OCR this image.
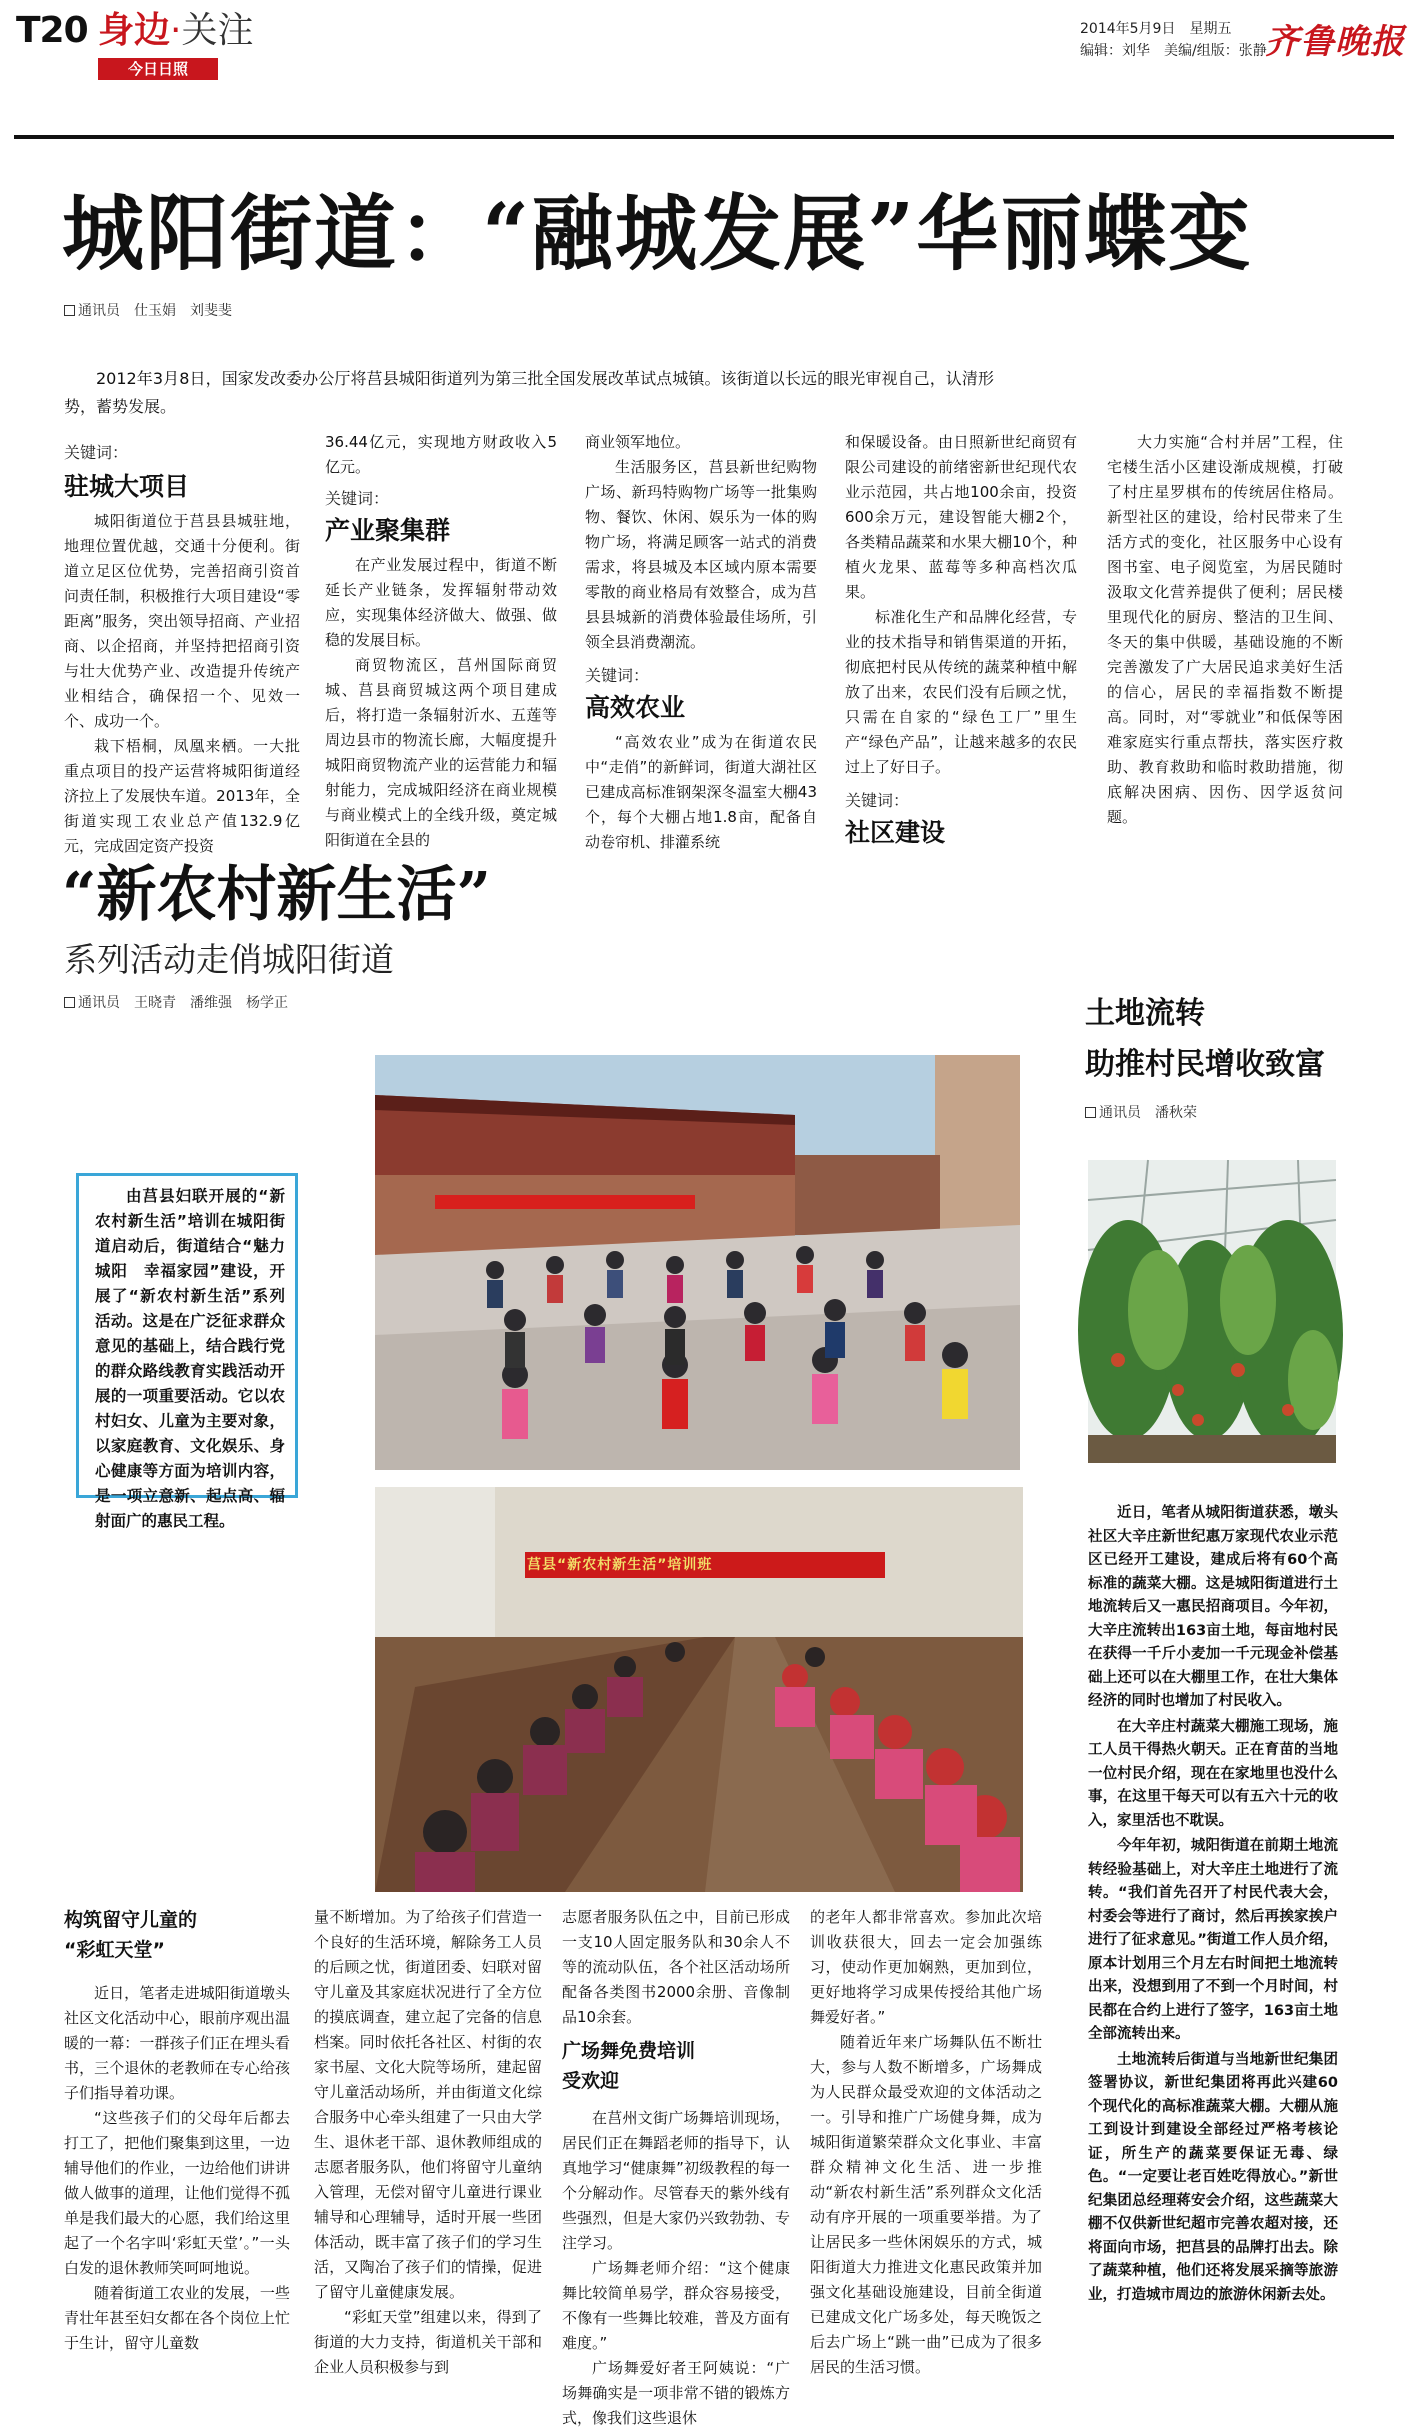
T20 身边·关注
今日日照
2014年5月9日　 星期五
编辑：刘华　 美编/组版：张静
齐鲁晚报
城阳街道：“融城发展”华丽蝶变
通讯员　仕玉娟　刘斐斐

2012年3月8日，国家发改委办公厅将莒县城阳街道列为第三批全国发展改革试点城镇。该街道以长远的眼光审视自己，认清形势，蓄势发展。

关键词：
驻城大项目

城阳街道位于莒县县城驻地，地理位置优越，交通十分便利。街道立足区位优势，完善招商引资首问责任制，积极推行大项目建设“零距离”服务，突出领导招商、产业招商、以企招商，并坚持把招商引资与壮大优势产业、改造提升传统产业相结合，确保招一个、见效一个、成功一个。

栽下梧桐，凤凰来栖。一大批重点项目的投产运营将城阳街道经济拉上了发展快车道。2013年，全街道实现工农业总产值132.9亿元，完成固定资产投资

36.44亿元，实现地方财政收入5亿元。

关键词：
产业聚集群

在产业发展过程中，街道不断延长产业链条，发挥辐射带动效应，实现集体经济做大、做强、做稳的发展目标。

商贸物流区，莒州国际商贸城、莒县商贸城这两个项目建成后，将打造一条辐射沂水、五莲等周边县市的物流长廊，大幅度提升城阳商贸物流产业的运营能力和辐射能力，完成城阳经济在商业规模与商业模式上的全线升级，奠定城阳街道在全县的

商业领军地位。

生活服务区，莒县新世纪购物广场、新玛特购物广场等一批集购物、餐饮、休闲、娱乐为一体的购物广场，将满足顾客一站式的消费需求，将县城及本区域内原本需要零散的商业格局有效整合，成为莒县县城新的消费体验最佳场所，引领全县消费潮流。

关键词：
高效农业

“高效农业”成为在街道农民中“走俏”的新鲜词，街道大湖社区已建成高标准钢架深冬温室大棚43个，每个大棚占地1.8亩，配备自动卷帘机、排灌系统

和保暖设备。由日照新世纪商贸有限公司建设的前绪密新世纪现代农业示范园，共占地100余亩，投资600余万元，建设智能大棚2个，各类精品蔬菜和水果大棚10个，种植火龙果、蓝莓等多种高档次瓜果。

标准化生产和品牌化经营，专业的技术指导和销售渠道的开拓，彻底把村民从传统的蔬菜种植中解放了出来，农民们没有后顾之忧，只需在自家的“绿色工厂”里生产“绿色产品”，让越来越多的农民过上了好日子。

关键词：
社区建设

大力实施“合村并居”工程，住宅楼生活小区建设渐成规模，打破了村庄星罗棋布的传统居住格局。新型社区的建设，给村民带来了生活方式的变化，社区服务中心设有图书室、电子阅览室，为居民随时汲取文化营养提供了便利；居民楼里现代化的厨房、整洁的卫生间、冬天的集中供暖，基础设施的不断完善激发了广大居民追求美好生活的信心，居民的幸福指数不断提高。同时，对“零就业”和低保等困难家庭实行重点帮扶，落实医疗救助、教育救助和临时救助措施，彻底解决困病、因伤、因学返贫问题。

“新农村新生活”
系列活动走俏城阳街道
通讯员　王晓青　潘维强　杨学正

由莒县妇联开展的“新农村新生活”培训在城阳街道启动后，街道结合“魅力城阳　幸福家园”建设，开展了“新农村新生活”系列活动。这是在广泛征求群众意见的基础上，结合践行党的群众路线教育实践活动开展的一项重要活动。它以农村妇女、儿童为主要对象，以家庭教育、文化娱乐、身心健康等方面为培训内容，是一项立意新、起点高、辐射面广的惠民工程。

莒县“新农村新生活”培训班
构筑留守儿童的
“彩虹天堂”

近日，笔者走进城阳街道墩头社区文化活动中心，眼前序观出温暖的一幕：一群孩子们正在埋头看书，三个退休的老教师在专心给孩子们指导着功课。

“这些孩子们的父母年后都去打工了，把他们聚集到这里，一边辅导他们的作业，一边给他们讲讲做人做事的道理，让他们觉得不孤单是我们最大的心愿，我们给这里起了一个名字叫‘彩虹天堂’。”一头白发的退休教师笑呵呵地说。

随着街道工农业的发展，一些青壮年甚至妇女都在各个岗位上忙于生计，留守儿童数

量不断增加。为了给孩子们营造一个良好的生活环境，解除务工人员的后顾之忧，街道团委、妇联对留守儿童及其家庭状况进行了全方位的摸底调查，建立起了完备的信息档案。同时依托各社区、村街的农家书屋、文化大院等场所，建起留守儿童活动场所，并由街道文化综合服务中心牵头组建了一只由大学生、退休老干部、退休教师组成的志愿者服务队，他们将留守儿童纳入管理，无偿对留守儿童进行课业辅导和心理辅导，适时开展一些团体活动，既丰富了孩子们的学习生活，又陶冶了孩子们的情操，促进了留守儿童健康发展。

“彩虹天堂”组建以来，得到了街道的大力支持，街道机关干部和企业人员积极参与到

志愿者服务队伍之中，目前已形成一支10人固定服务队和30余人不等的流动队伍，各个社区活动场所配备各类图书2000余册、音像制品10余套。

广场舞免费培训
受欢迎

在莒州文街广场舞培训现场，居民们正在舞蹈老师的指导下，认真地学习“健康舞”初级教程的每一个分解动作。尽管春天的紫外线有些强烈，但是大家仍兴致勃勃、专注学习。

广场舞老师介绍：“这个健康舞比较简单易学，群众容易接受，不像有一些舞比较难，普及方面有难度。”

广场舞爱好者王阿姨说：“广场舞确实是一项非常不错的锻炼方式，像我们这些退休

的老年人都非常喜欢。参加此次培训收获很大，回去一定会加强练习，使动作更加娴熟，更加到位，更好地将学习成果传授给其他广场舞爱好者。”

随着近年来广场舞队伍不断壮大，参与人数不断增多，广场舞成为人民群众最受欢迎的文体活动之一。引导和推广广场健身舞，成为城阳街道繁荣群众文化事业、丰富群众精神文化生活、进一步推动“新农村新生活”系列群众文化活动有序开展的一项重要举措。为了让居民多一些休闲娱乐的方式，城阳街道大力推进文化惠民政策并加强文化基础设施建设，目前全街道已建成文化广场多处，每天晚饭之后去广场上“跳一曲”已成为了很多居民的生活习惯。

土地流转
助推村民增收致富
通讯员　潘秋荣

近日，笔者从城阳街道获悉，墩头社区大辛庄新世纪惠万家现代农业示范区已经开工建设，建成后将有60个高标准的蔬菜大棚。这是城阳街道进行土地流转后又一惠民招商项目。今年初，大辛庄流转出163亩土地，每亩地村民在获得一千斤小麦加一千元现金补偿基础上还可以在大棚里工作，在壮大集体经济的同时也增加了村民收入。

在大辛庄村蔬菜大棚施工现场，施工人员干得热火朝天。正在育苗的当地一位村民介绍，现在在家地里也没什么事，在这里干每天可以有五六十元的收入，家里活也不耽误。

今年年初，城阳街道在前期土地流转经验基础上，对大辛庄土地进行了流转。“我们首先召开了村民代表大会，村委会等进行了商讨，然后再挨家挨户进行了征求意见。”街道工作人员介绍，原本计划用三个月左右时间把土地流转出来，没想到用了不到一个月时间，村民都在合约上进行了签字，163亩土地全部流转出来。

土地流转后街道与当地新世纪集团签署协议，新世纪集团将再此兴建60个现代化的高标准蔬菜大棚。大棚从施工到设计到建设全部经过严格考核论证，所生产的蔬菜要保证无毒、绿色。“一定要让老百姓吃得放心。”新世纪集团总经理蒋安会介绍，这些蔬菜大棚不仅供新世纪超市完善农超对接，还将面向市场，把莒县的品牌打出去。除了蔬菜种植，他们还将发展采摘等旅游业，打造城市周边的旅游休闲新去处。
